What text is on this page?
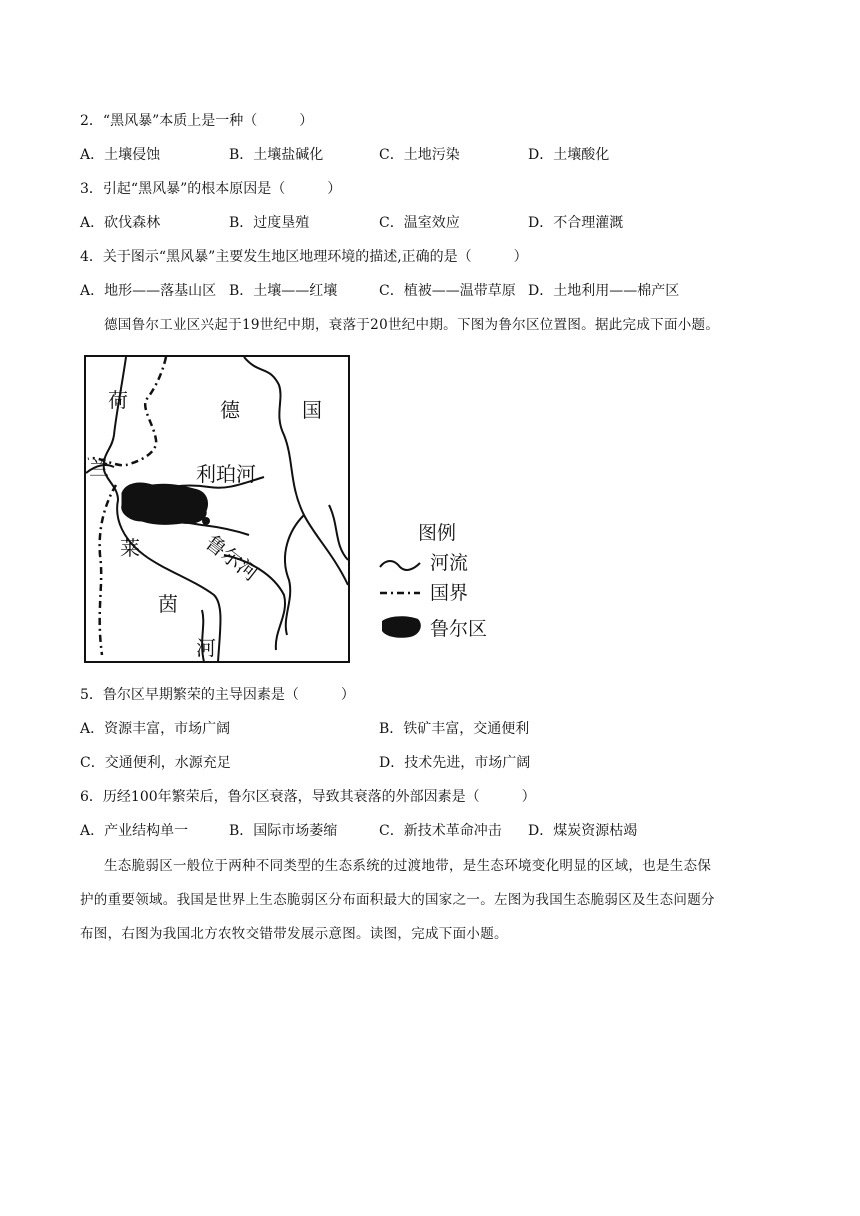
2．“黑风暴”本质上是一种（　　　）
A．土壤侵蚀	B．土壤盐碱化	C．土地污染	D．土壤酸化
3．引起“黑风暴”的根本原因是（　　　）
A．砍伐森林	B．过度垦殖	C．温室效应	D．不合理灌溉
4．关于图示“黑风暴”主要发生地区地理环境的描述,正确的是（　　　）
A．地形——落基山区 B．土壤——红壤	C．植被——温带草原 D．土地利用——棉产区
德国鲁尔工业区兴起于19世纪中期，衰落于20世纪中期。下图为鲁尔区位置图。据此完成下面小题。
荷
兰
德	国
利珀河
鲁尔河
莱
茵
河
图例
河流
国界
鲁尔区
5．鲁尔区早期繁荣的主导因素是（　　　）
A．资源丰富，市场广阔	B．铁矿丰富，交通便利
C．交通便利，水源充足	D．技术先进，市场广阔
6．历经100年繁荣后，鲁尔区衰落，导致其衰落的外部因素是（　　　）
A．产业结构单一	B．国际市场萎缩	C．新技术革命冲击 D．煤炭资源枯竭
生态脆弱区一般位于两种不同类型的生态系统的过渡地带，是生态环境变化明显的区域，也是生态保
护的重要领域。我国是世界上生态脆弱区分布面积最大的国家之一。左图为我国生态脆弱区及生态问题分
布图，右图为我国北方农牧交错带发展示意图。读图，完成下面小题。
